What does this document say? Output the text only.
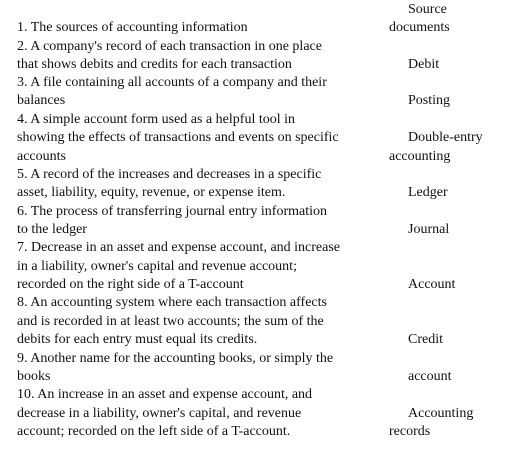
1. The sources of accounting information
2. A company's record of each transaction in one place
that shows debits and credits for each transaction
3. A file containing all accounts of a company and their
balances
4. A simple account form used as a helpful tool in
showing the effects of transactions and events on specific
accounts
5. A record of the increases and decreases in a specific
asset, liability, equity, revenue, or expense item.
6. The process of transferring journal entry information
to the ledger
7. Decrease in an asset and expense account, and increase
in a liability, owner's capital and revenue account;
recorded on the right side of a T-account
8. An accounting system where each transaction affects
and is recorded in at least two accounts; the sum of the
debits for each entry must equal its credits.
9. Another name for the accounting books, or simply the
books
10. An increase in an asset and expense account, and
decrease in a liability, owner's capital, and revenue
account; recorded on the left side of a T-account.
Source
documents
Debit
Posting
Double-entry
accounting
Ledger
Journal
Account
Credit
account
Accounting
records
